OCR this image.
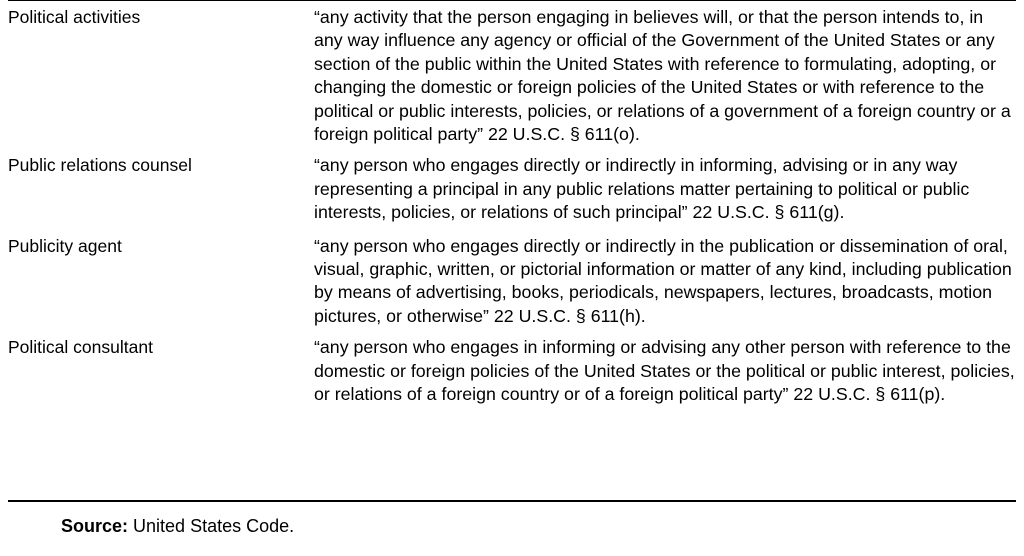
Political activities	“any activity that the person engaging in believes will, or that the person intends to, in any way influence any agency or official of the Government of the United States or any section of the public within the United States with reference to formulating, adopting, or changing the domestic or foreign policies of the United States or with reference to the political or public interests, policies, or relations of a government of a foreign country or a foreign political party” 22 U.S.C. § 611(o).
Public relations counsel	“any person who engages directly or indirectly in informing, advising or in any way representing a principal in any public relations matter pertaining to political or public interests, policies, or relations of such principal” 22 U.S.C. § 611(g).
Publicity agent	“any person who engages directly or indirectly in the publication or dissemination of oral, visual, graphic, written, or pictorial information or matter of any kind, including publication by means of advertising, books, periodicals, newspapers, lectures, broadcasts, motion pictures, or otherwise” 22 U.S.C. § 611(h).
Political consultant	“any person who engages in informing or advising any other person with reference to the domestic or foreign policies of the United States or the political or public interest, policies, or relations of a foreign country or of a foreign political party” 22 U.S.C. § 611(p).
Source: United States Code.
